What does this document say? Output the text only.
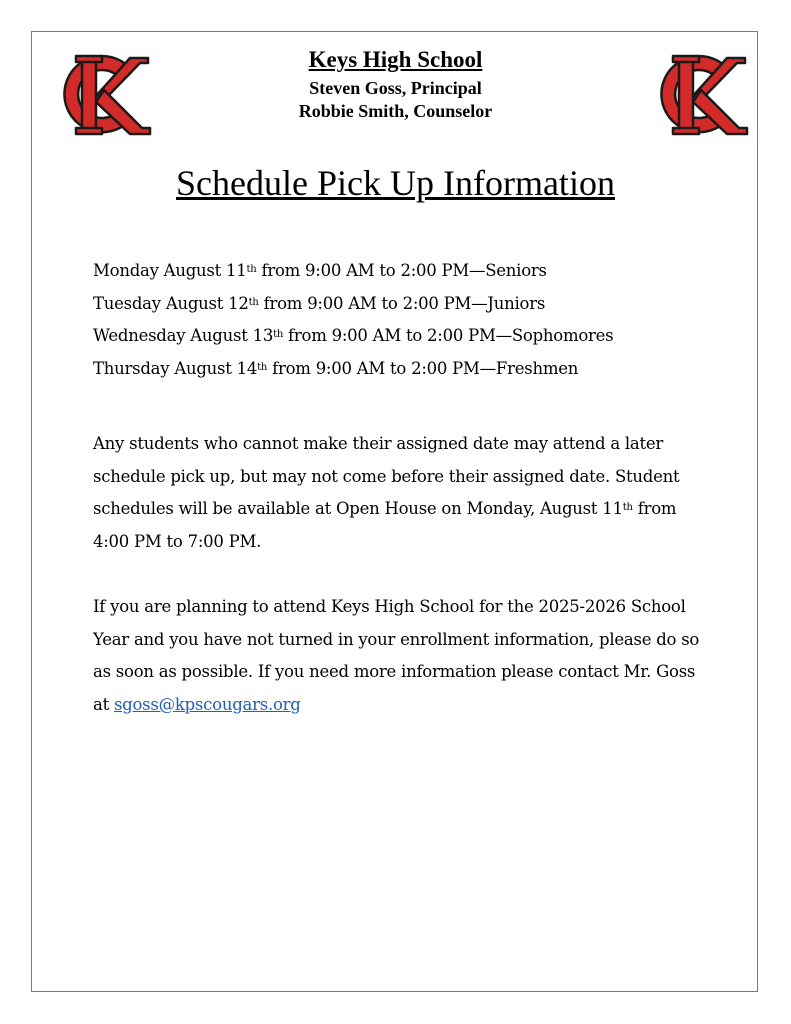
Keys High School
Steven Goss, Principal
Robbie Smith, Counselor
Schedule Pick Up Information
Monday August 11th from 9:00 AM to 2:00 PM—Seniors
Tuesday August 12th from 9:00 AM to 2:00 PM—Juniors
Wednesday August 13th from 9:00 AM to 2:00 PM—Sophomores
Thursday August 14th from 9:00 AM to 2:00 PM—Freshmen
Any students who cannot make their assigned date may attend a later schedule pick up, but may not come before their assigned date. Student schedules will be available at Open House on Monday, August 11th from 4:00 PM to 7:00 PM.
If you are planning to attend Keys High School for the 2025-2026 School Year and you have not turned in your enrollment information, please do so as soon as possible. If you need more information please contact Mr. Goss at sgoss@kpscougars.org
